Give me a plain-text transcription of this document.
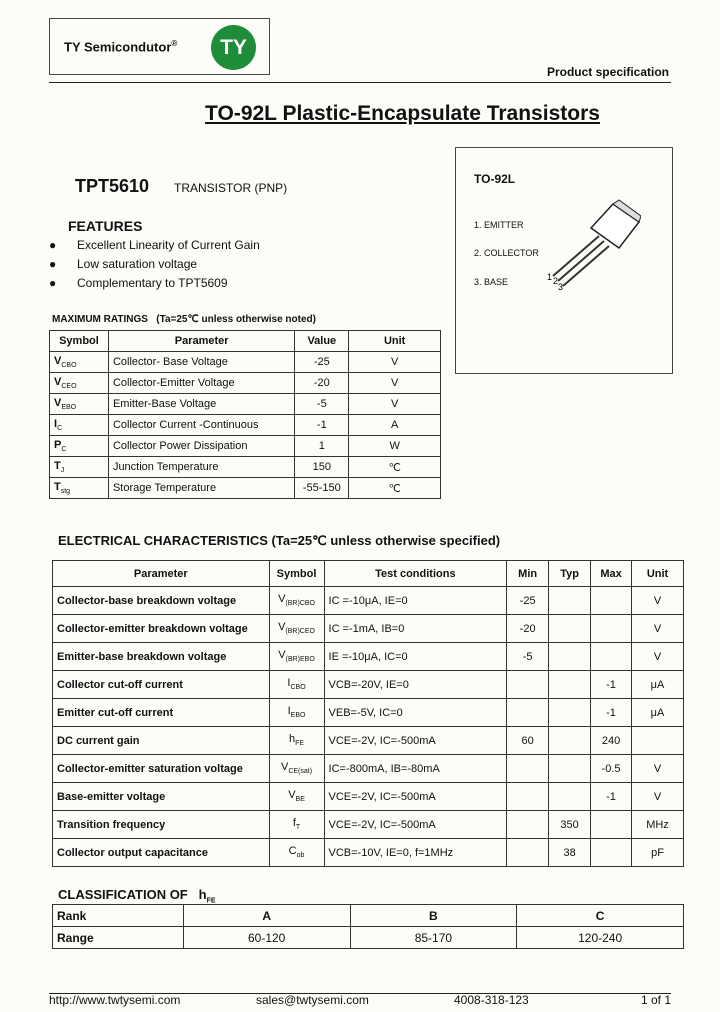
TY Semicondutor®	TY
Product specification
TO-92L Plastic-Encapsulate Transistors
TO-92L
1. EMITTER
2. COLLECTOR
3. BASE	1 2
3
TPT5610 TRANSISTOR (PNP)
FEATURES
● Excellent Linearity of Current Gain
● Low saturation voltage
● Complementary to TPT5609
MAXIMUM RATINGS (Ta=25℃ unless otherwise noted)
Symbol	Parameter	Value	Unit
$V_{CBO}$	Collector- Base Voltage	-25	V
$V_{CEO}$	Collector-Emitter Voltage	-20	V
$V_{EBO}$	Emitter-Base Voltage	-5	V
$I_C$	Collector Current -Continuous	-1	A
$P_C$	Collector Power Dissipation	1	W
$T_J$	Junction Temperature	150	℃
$T_{stg}$	Storage Temperature	-55-150	℃
ELECTRICAL CHARACTERISTICS (Ta=25℃ unless otherwise specified)
Parameter	Symbol	Test conditions	Min	Typ	Max	Unit
Collector-base breakdown voltage	$V_{(BR)CBO}$	IC =-10μA, IE=0	-25			V
Collector-emitter breakdown voltage	$V_{(BR)CEO}$	IC =-1mA, IB=0	-20			V
Emitter-base breakdown voltage	$V_{(BR)EBO}$	IE =-10μA, IC=0	-5			V
Collector cut-off current	$I_{CBO}$	VCB=-20V, IE=0			-1	μA
Emitter cut-off current	$I_{EBO}$	VEB=-5V, IC=0			-1	μA
DC current gain	$h_{FE}$	VCE=-2V, IC=-500mA	60		240	
Collector-emitter saturation voltage	$V_{CE(sat)}$	IC=-800mA, IB=-80mA			-0.5	V
Base-emitter voltage	$V_{BE}$	VCE=-2V, IC=-500mA			-1	V
Transition frequency	$f_T$	VCE=-2V, IC=-500mA		350		MHz
Collector output capacitance	$C_{ob}$	VCB=-10V, IE=0, f=1MHz		38		pF
CLASSIFICATION OF $h_{FE}$
Rank	A	B	C
Range	60-120	85-170	120-240
http://www.twtysemi.com	sales@twtysemi.com	4008-318-123	1 of 1
